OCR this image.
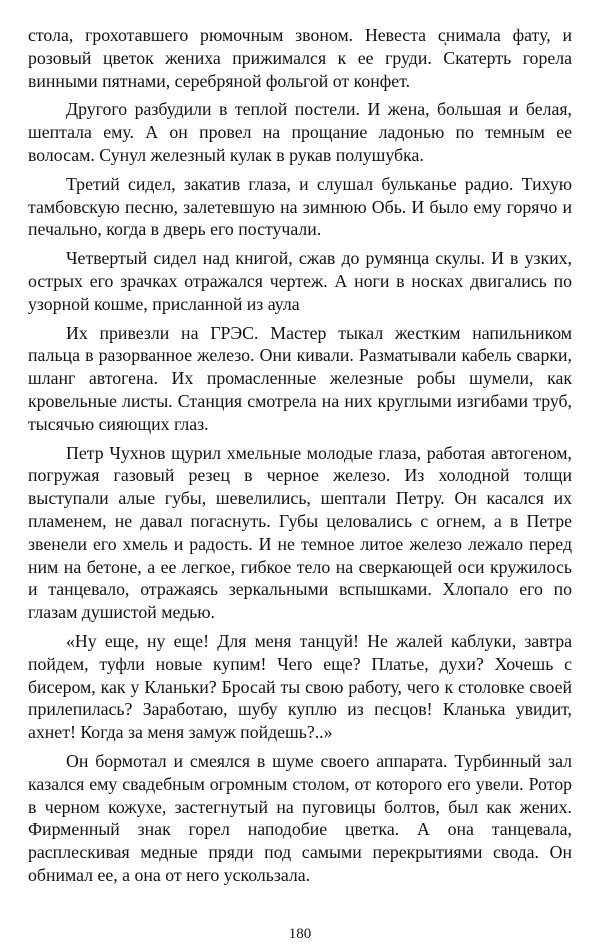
столa, грохотавшего рюмочным звоном. Невеста сͅнимала фату, и розовый цветок жениха прижимался к ее груди. Скатерть горела винными пятнами, серебряной фольгой от конфет.

Другого разбудили в теплой постели. И жена, большая и белая, шептала ему. А он провел на прощание ладонью по темным ее волосам. Сунул железный кулак в рукав полушубка.

Третий сидел, закатив глаза, и слушал бульканье радио. Тихую тамбовскую песню, залетевшую на зимнюю Обь. И было ему горячо и печально, когда в дверь его постучали.

Четвертый сидел над книгой, сжав до румянца скулы. И в узких, острых его зрачках отражался чертеж. А ноги в носках двигались по узорной кошме, присланной из аула

Их привезли на ГРЭС. Мастер тыкал жестким напильником пальца в разорванное железо. Они кивали. Разматывали кабель сварки, шланг автогена. Их промасленные железные робы шумели, как кровельные листы. Станция смотрела на них круглыми изгибами труб, тысячью сияющих глаз.

Петр Чухнов щурил хмельные молодые глаза, работая автогеном, погружая газовый резец в черное железо. Из холодной толщи выступали алые губы, шевелились, шептали Петру. Он касался их пламенем, не давал погаснуть. Губы целовались с огнем, а в Петре звенели его хмель и радость. И не темное литое железо лежало перед ним на бетоне, а ее легкое, гибкое тело на сверкающей оси кружилось и танцевало, отражаясь зеркальными вспышками. Хлопало его по глазам душистой медью.

«Ну еще, ну еще! Для меня танцуй! Не жалей каблуки, завтра пойдем, туфли новые купим! Чего еще? Платье, духи? Хочешь с бисером, как у Кланьки? Бросай ты свою работу, чего к столовке своей прилепилась? Заработаю, шубу куплю из песцов! Кланька увидит, ахнет! Когда за меня замуж пойдешь?..»

Он бормотал и смеялся в шуме своего аппарата. Турбинный зал казался ему свадебным огромным столом, от которого его увели. Ротор в черном кожухе, застегнутый на пуговицы болтов, был как жених. Фирменный знак горел наподобие цветка. А она танцевала, расплескивая медные пряди под самыми перекрытиями свода. Он обнимал ее, а она от него ускользала.

180
